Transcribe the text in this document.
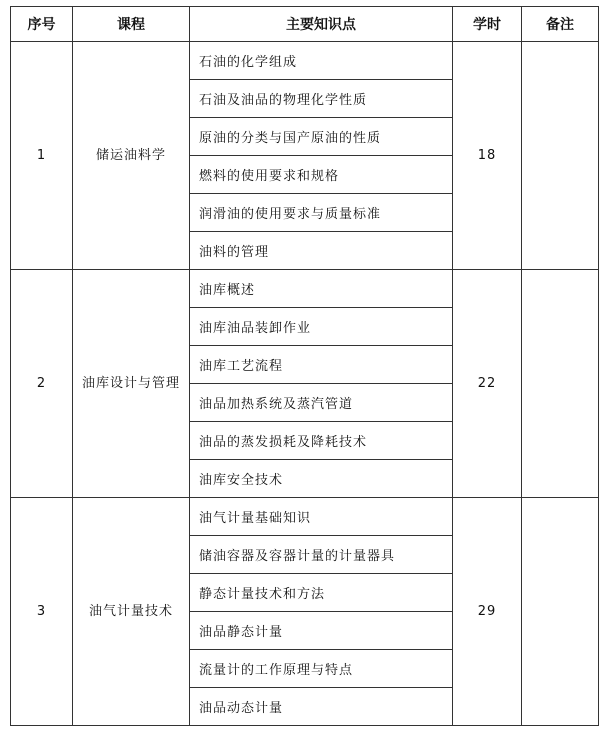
序号	课程	主要知识点	学时	备注
1	储运油料学	石油的化学组成	18	
		石油及油品的物理化学性质		
		原油的分类与国产原油的性质		
		燃料的使用要求和规格		
		润滑油的使用要求与质量标准		
		油料的管理		
2	油库设计与管理	油库概述	22	
		油库油品装卸作业		
		油库工艺流程		
		油品加热系统及蒸汽管道		
		油品的蒸发损耗及降耗技术		
		油库安全技术		
3	油气计量技术	油气计量基础知识	29	
		储油容器及容器计量的计量器具		
		静态计量技术和方法		
		油品静态计量		
		流量计的工作原理与特点		
		油品动态计量		
